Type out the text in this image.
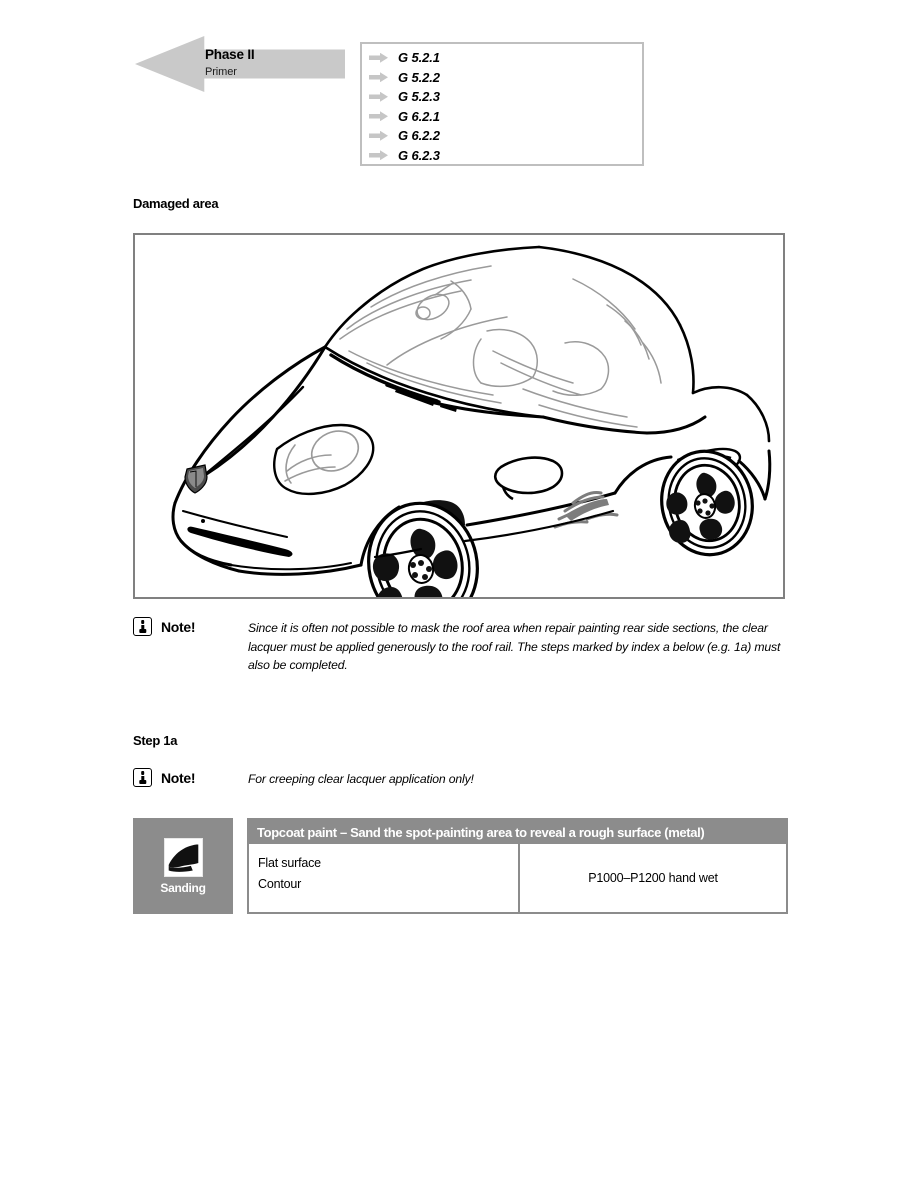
Phase II
Primer
G 5.2.1
G 5.2.2
G 5.2.3
G 6.2.1
G 6.2.2
G 6.2.3
Damaged area
Note!	Since it is often not possible to mask the roof area when repair painting rear side sections, the clear lacquer must be applied generously to the roof rail. The steps marked by index a below (e.g. 1a) must also be completed.
Step 1a
Note!	For creeping clear lacquer application only!
Sanding
Topcoat paint – Sand the spot-painting area to reveal a rough surface (metal)
Flat surface
Contour	P1000–P1200 hand wet
